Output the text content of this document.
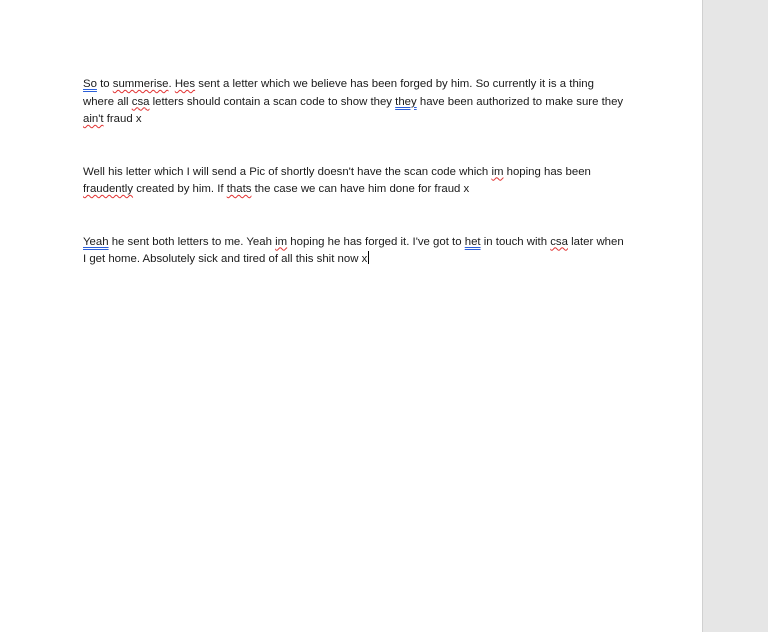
So to summerise. Hes sent a letter which we believe has been forged by him. So currently it is a thing where all csa letters should contain a scan code to show they they have been authorized to make sure they ain't fraud x

Well his letter which I will send a Pic of shortly doesn't have the scan code which im hoping has been fraudently created by him. If thats the case we can have him done for fraud x

Yeah he sent both letters to me. Yeah im hoping he has forged it. I've got to het in touch with csa later when I get home. Absolutely sick and tired of all this shit now x
